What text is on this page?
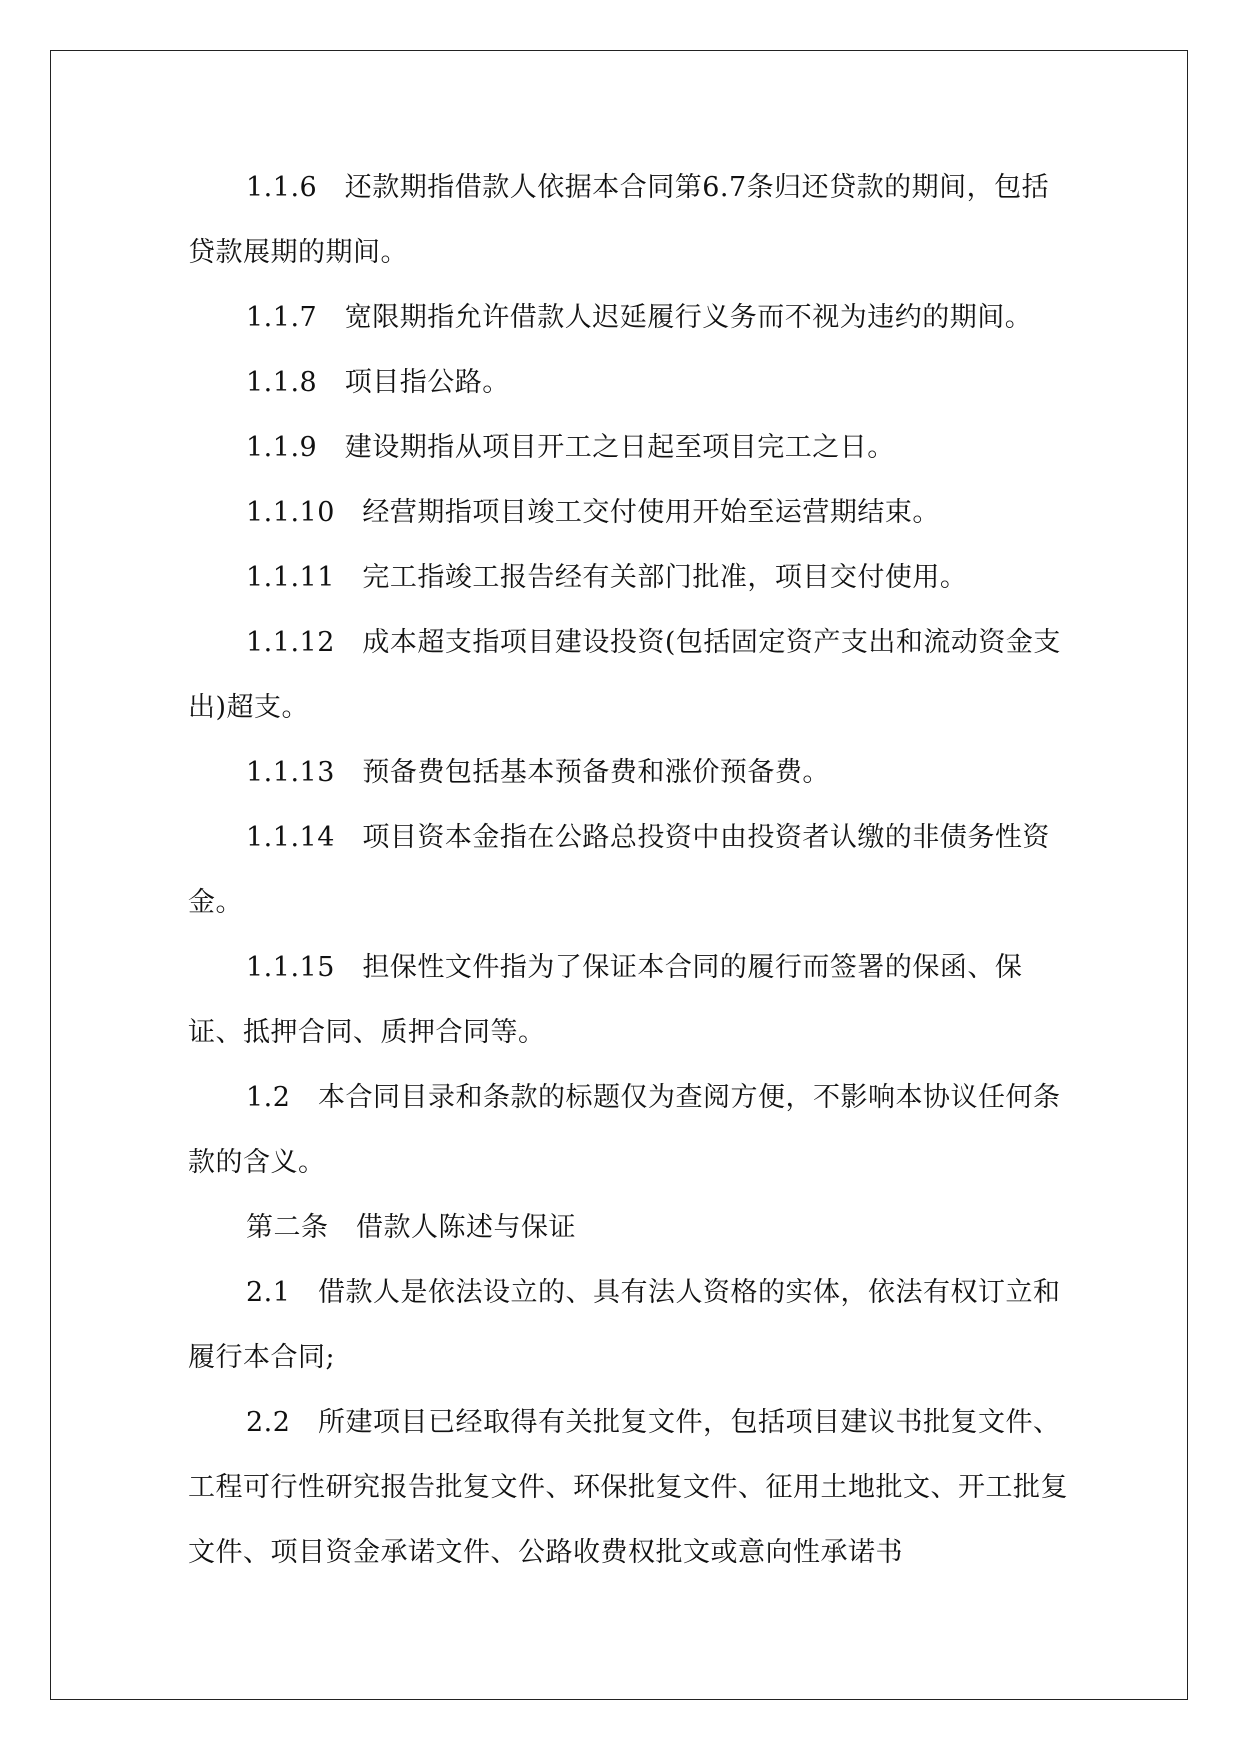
1.1.6　还款期指借款人依据本合同第6.7条归还贷款的期间，包括贷款展期的期间。

1.1.7　宽限期指允许借款人迟延履行义务而不视为违约的期间。

1.1.8　项目指公路。

1.1.9　建设期指从项目开工之日起至项目完工之日。

1.1.10　经营期指项目竣工交付使用开始至运营期结束。

1.1.11　完工指竣工报告经有关部门批准，项目交付使用。

1.1.12　成本超支指项目建设投资(包括固定资产支出和流动资金支出)超支。

1.1.13　预备费包括基本预备费和涨价预备费。

1.1.14　项目资本金指在公路总投资中由投资者认缴的非债务性资金。

1.1.15　担保性文件指为了保证本合同的履行而签署的保函、保证、抵押合同、质押合同等。

1.2　本合同目录和条款的标题仅为查阅方便，不影响本协议任何条款的含义。

第二条　借款人陈述与保证

2.1　借款人是依法设立的、具有法人资格的实体，依法有权订立和履行本合同;

2.2　所建项目已经取得有关批复文件，包括项目建议书批复文件、工程可行性研究报告批复文件、环保批复文件、征用土地批文、开工批复文件、项目资金承诺文件、公路收费权批文或意向性承诺书
